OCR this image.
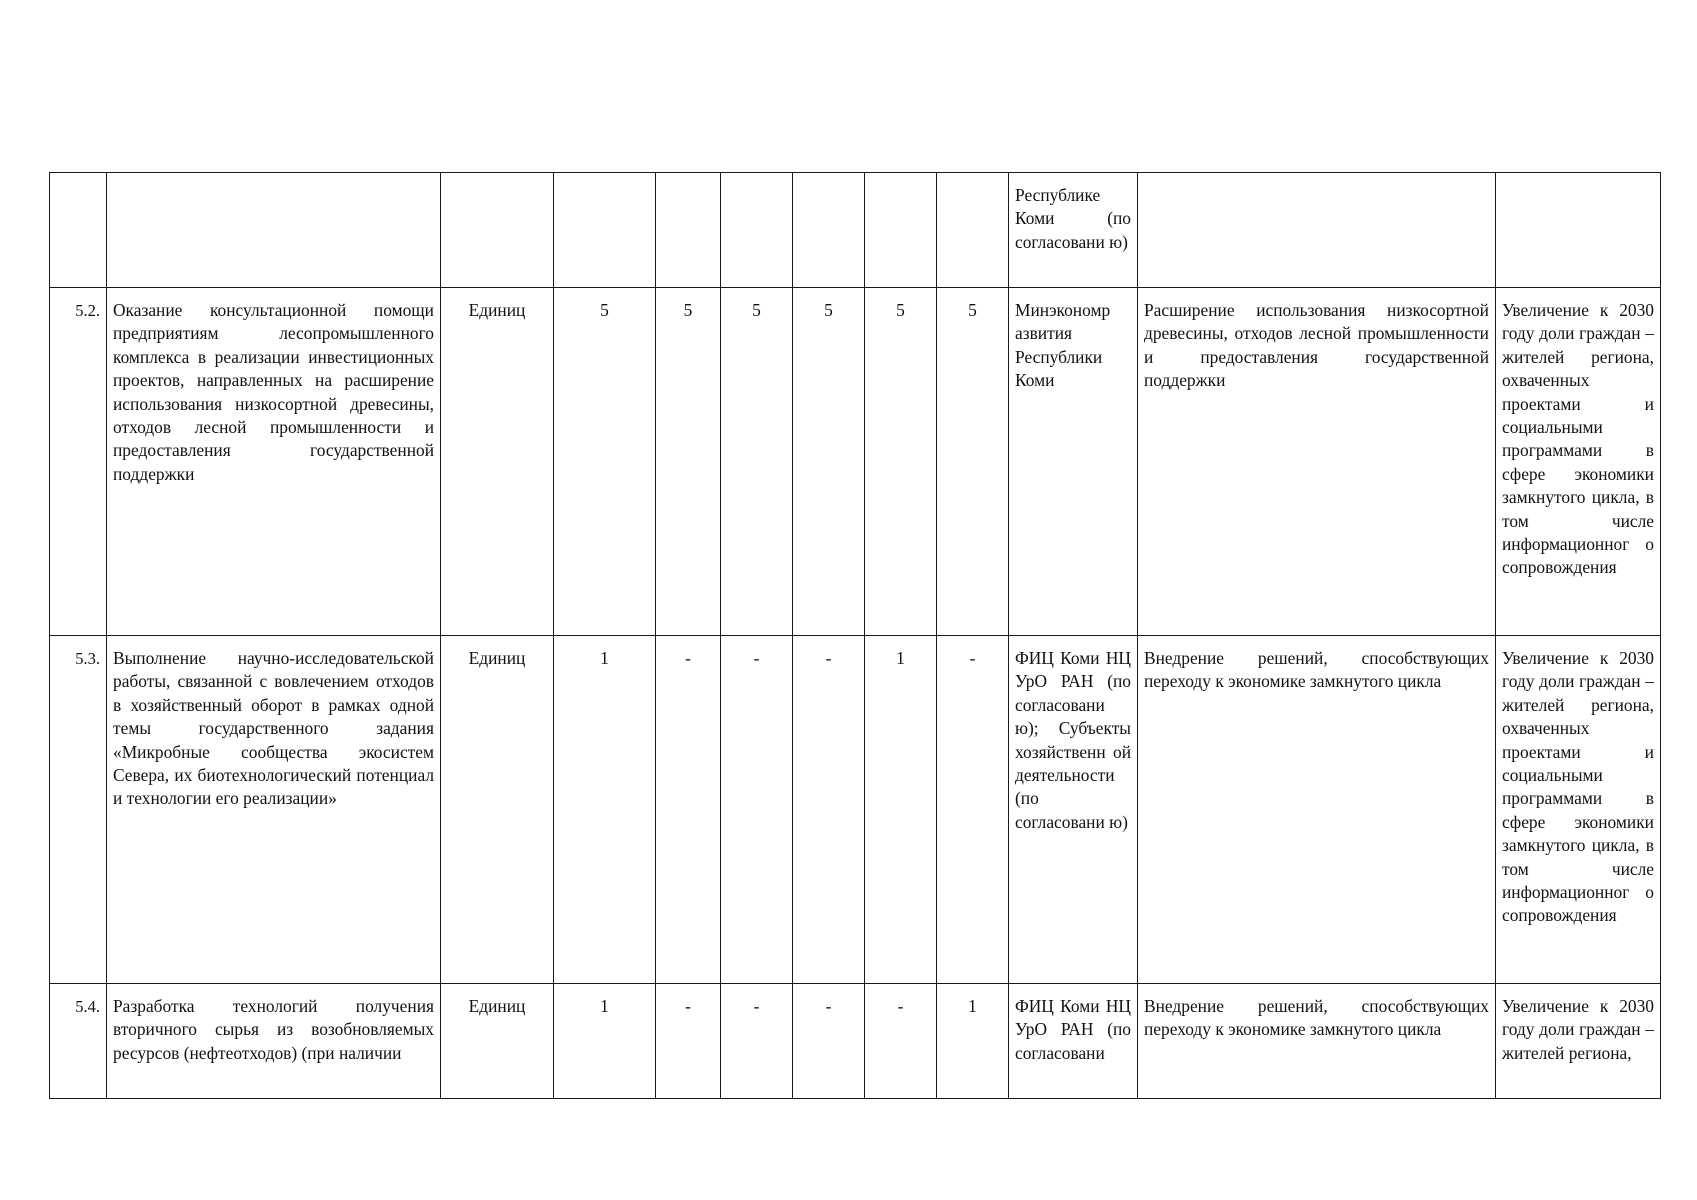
									Республике Коми (по согласовани ю)		
5.2.	Оказание консультационной помощи предприятиям лесопромышленного комплекса в реализации инвестиционных проектов, направленных на расширение использования низкосортной древесины, отходов лесной промышленности и предоставления государственной поддержки	Единиц	5	5	5	5	5	5	Минэкономр азвития Республики Коми	Расширение использования низкосортной древесины, отходов лесной промышленности и предоставления государственной поддержки	Увеличение к 2030 году доли граждан – жителей региона, охваченных проектами и социальными программами в сфере экономики замкнутого цикла, в том числе информационног о сопровождения
5.3.	Выполнение научно-исследовательской работы, связанной с вовлечением отходов в хозяйственный оборот в рамках одной темы государственного задания «Микробные сообщества экосистем Севера, их биотехнологический потенциал и технологии его реализации»	Единиц	1	-	-	-	1	-	ФИЦ Коми НЦ УрО РАН (по согласовани ю); Субъекты хозяйственн ой деятельности (по согласовани ю)	Внедрение решений, способствующих переходу к экономике замкнутого цикла	Увеличение к 2030 году доли граждан – жителей региона, охваченных проектами и социальными программами в сфере экономики замкнутого цикла, в том числе информационног о сопровождения
5.4.	Разработка технологий получения вторичного сырья из возобновляемых ресурсов (нефтеотходов) (при наличии	Единиц	1	-	-	-	-	1	ФИЦ Коми НЦ УрО РАН (по согласовани	Внедрение решений, способствующих переходу к экономике замкнутого цикла	Увеличение к 2030 году доли граждан – жителей региона,
